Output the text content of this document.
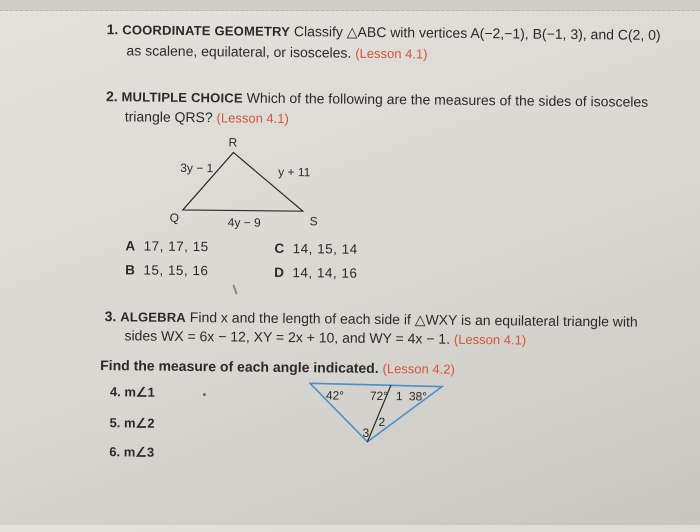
1. COORDINATE GEOMETRY Classify △ABC with vertices A(−2,−1), B(−1, 3), and C(2, 0)
as scalene, equilateral, or isosceles. (Lesson 4.1)
2. MULTIPLE CHOICE Which of the following are the measures of the sides of isosceles
triangle QRS? (Lesson 4.1)
R
Q	S
3y − 1	y + 11
4y − 9
A 17, 17, 15
B 15, 15, 16
C 14, 15, 14
D 14, 14, 16
3. ALGEBRA Find x and the length of each side if △WXY is an equilateral triangle with
sides WX = 6x − 12, XY = 2x + 10, and WY = 4x − 1. (Lesson 4.1)
Find the measure of each angle indicated. (Lesson 4.2)
4. m∠1
5. m∠2
6. m∠3
42° 72° 1 38°
2
3
